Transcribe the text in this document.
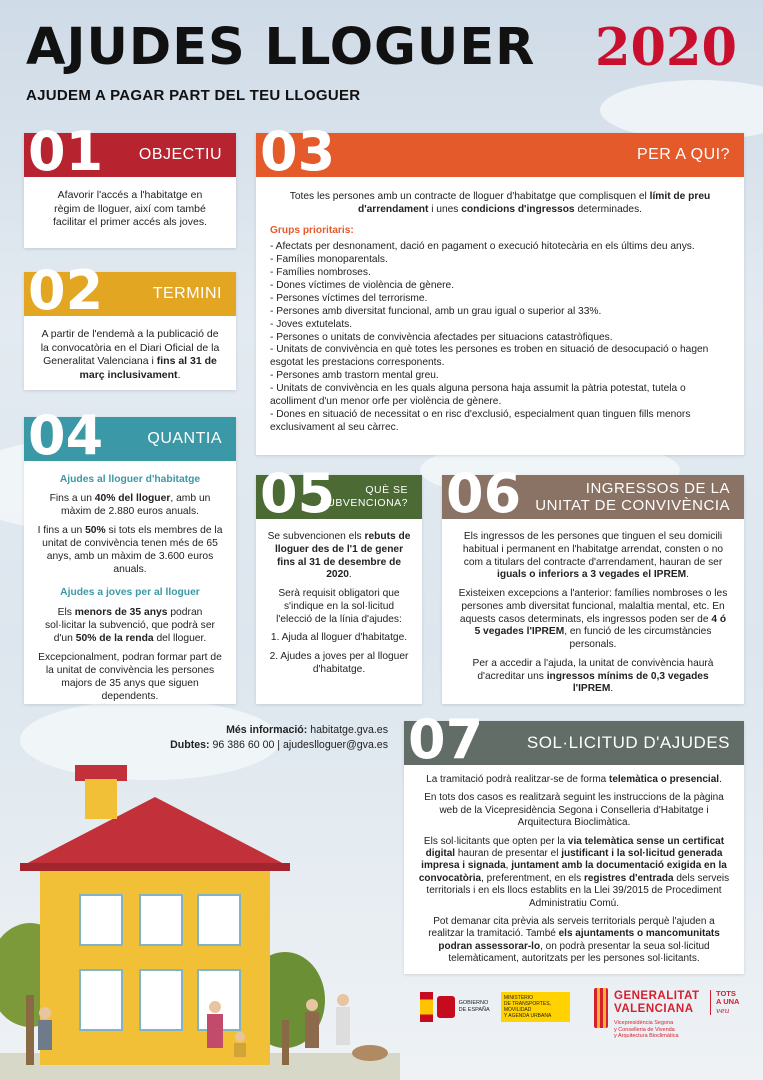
AJUDES LLOGUER 2020
AJUDEM A PAGAR PART DEL TEU LLOGUER
01 OBJECTIU
Afavorir l'accés a l'habitatge en règim de lloguer, així com també facilitar el primer accés als joves.
02	TERMINI
A partir de l'endemà a la publicació de la convocatòria en el Diari Oficial de la Generalitat Valenciana i fins al 31 de març inclusivament.
03	PER A QUI?
Totes les persones amb un contracte de lloguer d'habitatge que complisquen el límit de preu d'arrendament i unes condicions d'ingressos determinades.
Grups prioritaris:
- Afectats per desnonament, dació en pagament o execució hitotecària en els últims deu anys.
- Famílies monoparentals.
- Famílies nombroses.
- Dones víctimes de violència de gènere.
- Persones víctimes del terrorisme.
- Persones amb diversitat funcional, amb un grau igual o superior al 33%.
- Joves extutelats.
- Persones o unitats de convivència afectades per situacions catastròfiques.
- Unitats de convivència en què totes les persones es troben en situació de desocupació o hagen esgotat les prestacions corresponents.
- Persones amb trastorn mental greu.
- Unitats de convivència en les quals alguna persona haja assumit la pàtria potestat, tutela o acolliment d'un menor orfe per violència de gènere.
- Dones en situació de necessitat o en risc d'exclusió, especialment quan tinguen fills menors exclusivament al seu càrrec.
04	QUANTIA
Ajudes al lloguer d'habitatge
Fins a un 40% del lloguer, amb un màxim de 2.880 euros anuals.
I fins a un 50% si tots els membres de la unitat de convivència tenen més de 65 anys, amb un màxim de 3.600 euros anuals.
Ajudes a joves per al lloguer
Els menors de 35 anys podran sol·licitar la subvenció, que podrà ser d'un 50% de la renda del lloguer.
Excepcionalment, podran formar part de la unitat de convivència les persones majors de 35 anys que siguen dependents.
05	QUÈ SE SUBVENCIONA?
Se subvencionen els rebuts de lloguer des de l'1 de gener fins al 31 de desembre de 2020.
Serà requisit obligatori que s'indique en la sol·licitud l'elecció de la línia d'ajudes:
1. Ajuda al lloguer d'habitatge.
2. Ajudes a joves per al lloguer d'habitatge.
06	INGRESSOS DE LA
UNITAT DE CONVIVÈNCIA
Els ingressos de les persones que tinguen el seu domicili habitual i permanent en l'habitatge arrendat, consten o no com a titulars del contracte d'arrendament, hauran de ser iguals o inferiors a 3 vegades el IPREM.
Existeixen excepcions a l'anterior: famílies nombroses o les persones amb diversitat funcional, malaltia mental, etc. En aquests casos determinats, els ingressos poden ser de 4 ó 5 vegades l'IPREM, en funció de les circumstàncies personals.
Per a accedir a l'ajuda, la unitat de convivència haurà d'acreditar uns ingressos mínims de 0,3 vegades l'IPREM.
Més informació: habitatge.gva.es
Dubtes: 96 386 60 00 | ajudeslloguer@gva.es 07	SOL·LICITUD D'AJUDES
La tramitació podrà realitzar-se de forma telemàtica o presencial.
En tots dos casos es realitzarà seguint les instruccions de la pàgina web de la Vicepresidència Segona i Conselleria d'Habitatge i Arquitectura Bioclimàtica.
Els sol·licitants que opten per la via telemàtica sense un certificat digital hauran de presentar el justificant i la sol·licitud generada impresa i signada, juntament amb la documentació exigida en la convocatòria, preferentment, en els registres d'entrada dels serveis territorials i en els llocs establits en la Llei 39/2015 de Procediment Administratiu Comú.
Pot demanar cita prèvia als serveis territorials perquè l'ajuden a realitzar la tramitació. També els ajuntaments o mancomunitats podran assessorar-lo, on podrà presentar la seua sol·licitud telemàticament, autoritzats per les persones sol·licitants.
GOBIERNO
DE ESPAÑA
MINISTERIO
DE TRANSPORTES, MOVILIDAD
Y AGENDA URBANA
GENERALITAT
VALENCIANA
Vicepresidència Segona
y Conselleria de Vivenda
y Arquitectura Bioclimàtica
TOTS
A UNA
veu
